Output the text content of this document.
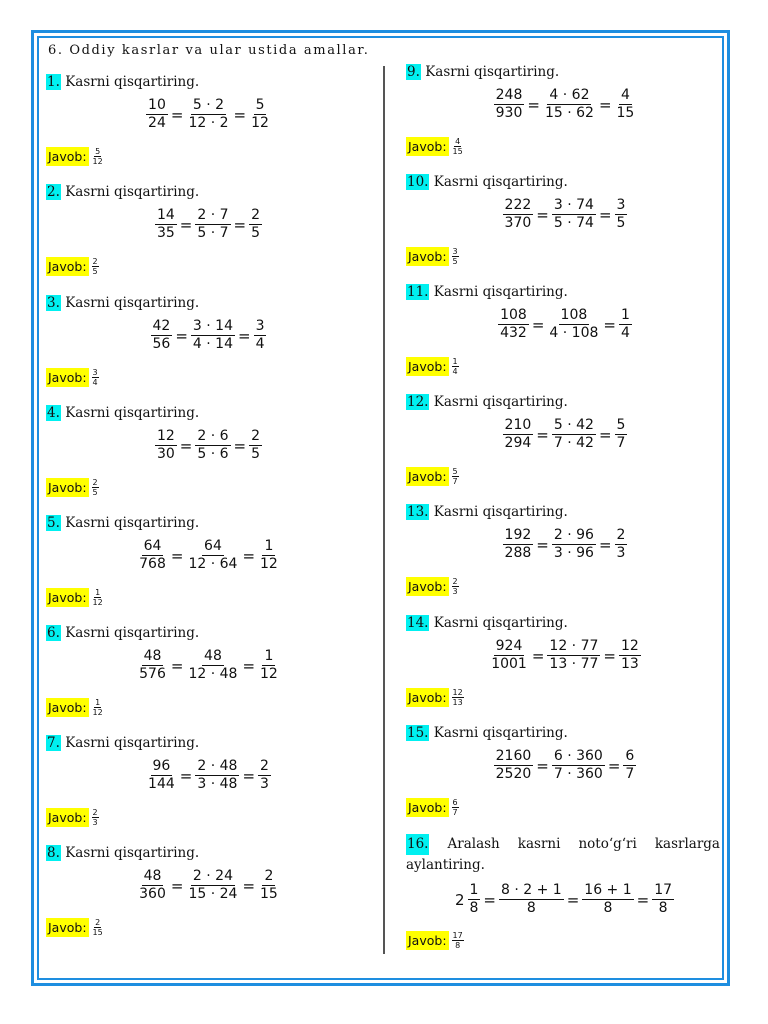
6. Oddiy kasrlar va ular ustida amallar.
1. Kasrni qisqartiring.
$\frac{10}{24} = \frac{5 \cdot 2}{12 \cdot 2} = \frac{5}{12}$
Javob: $\frac{5}{12}$
2. Kasrni qisqartiring.
$\frac{14}{35} = \frac{2 \cdot 7}{5 \cdot 7} = \frac{2}{5}$
Javob: $\frac{2}{5}$
3. Kasrni qisqartiring.
$\frac{42}{56} = \frac{3 \cdot 14}{4 \cdot 14} = \frac{3}{4}$
Javob: $\frac{3}{4}$
4. Kasrni qisqartiring.
$\frac{12}{30} = \frac{2 \cdot 6}{5 \cdot 6} = \frac{2}{5}$
Javob: $\frac{2}{5}$
5. Kasrni qisqartiring.
$\frac{64}{768} = \frac{64}{12 \cdot 64} = \frac{1}{12}$
Javob: $\frac{1}{12}$
6. Kasrni qisqartiring.
$\frac{48}{576} = \frac{48}{12 \cdot 48} = \frac{1}{12}$
Javob: $\frac{1}{12}$
7. Kasrni qisqartiring.
$\frac{96}{144} = \frac{2 \cdot 48}{3 \cdot 48} = \frac{2}{3}$
Javob: $\frac{2}{3}$
8. Kasrni qisqartiring.
$\frac{48}{360} = \frac{2 \cdot 24}{15 \cdot 24} = \frac{2}{15}$
Javob: $\frac{2}{15}$
9. Kasrni qisqartiring.
$\frac{248}{930} = \frac{4 \cdot 62}{15 \cdot 62} = \frac{4}{15}$
Javob: $\frac{4}{15}$
10. Kasrni qisqartiring.
$\frac{222}{370} = \frac{3 \cdot 74}{5 \cdot 74} = \frac{3}{5}$
Javob: $\frac{3}{5}$
11. Kasrni qisqartiring.
$\frac{108}{432} = \frac{108}{4 \cdot 108} = \frac{1}{4}$
Javob: $\frac{1}{4}$
12. Kasrni qisqartiring.
$\frac{210}{294} = \frac{5 \cdot 42}{7 \cdot 42} = \frac{5}{7}$
Javob: $\frac{5}{7}$
13. Kasrni qisqartiring.
$\frac{192}{288} = \frac{2 \cdot 96}{3 \cdot 96} = \frac{2}{3}$
Javob: $\frac{2}{3}$
14. Kasrni qisqartiring.
$\frac{924}{1001} = \frac{12 \cdot 77}{13 \cdot 77} = \frac{12}{13}$
Javob: $\frac{12}{13}$
15. Kasrni qisqartiring.
$\frac{2160}{2520} = \frac{6 \cdot 360}{7 \cdot 360} = \frac{6}{7}$
Javob: $\frac{6}{7}$
16. Aralash kasrni noto‘g‘ri kasrlarga
aylantiring.
$2 \frac{1}{8} = \frac{8 \cdot 2 + 1}{8} = \frac{16 + 1}{8} = \frac{17}{8}$
Javob: $\frac{17}{8}$
